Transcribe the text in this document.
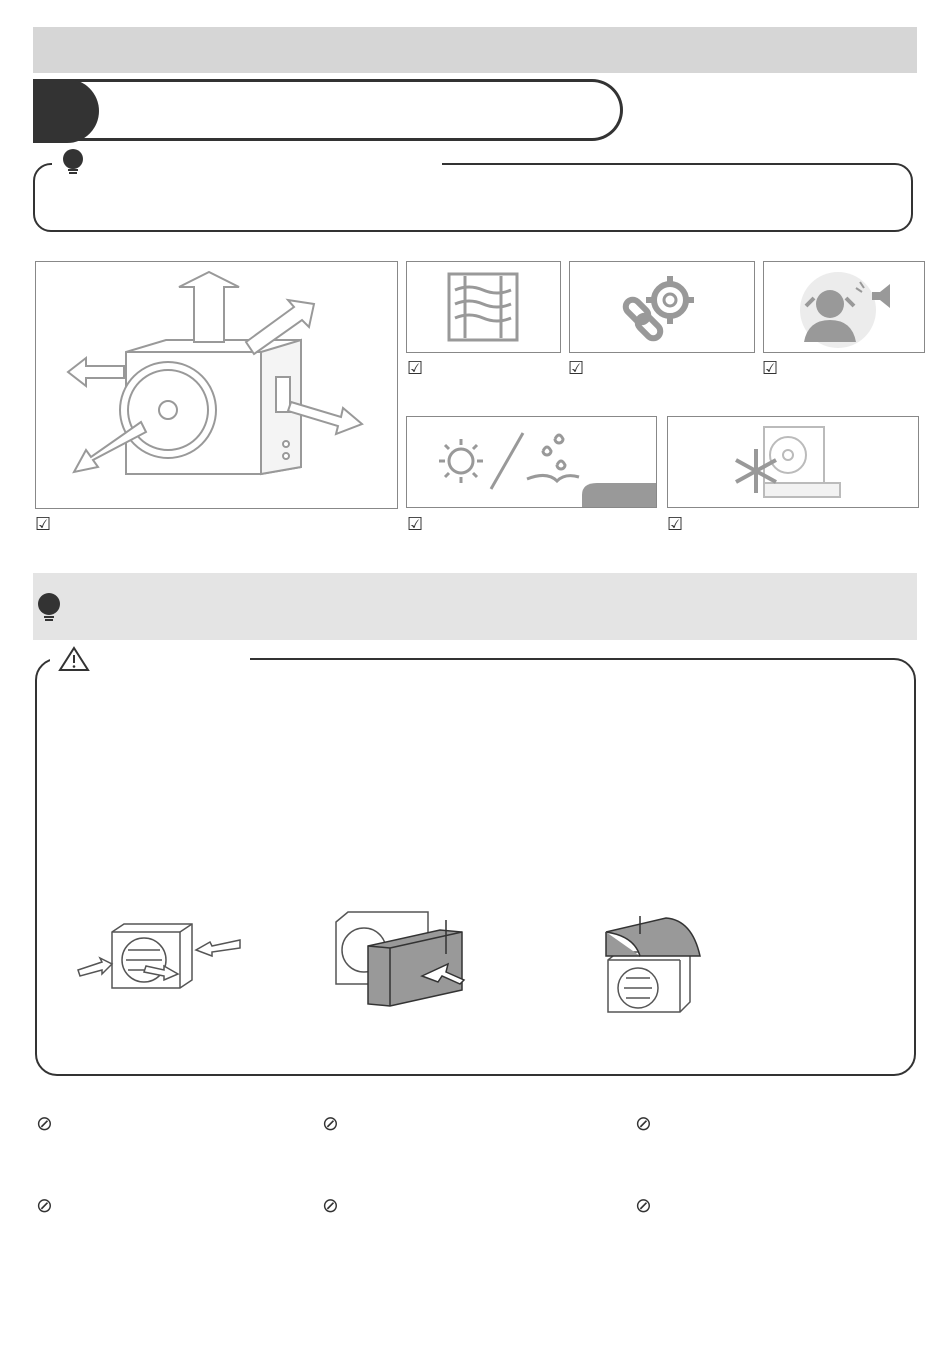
☑	☑	☑
☑	☑
☑
⊘	⊘	⊘
⊘	⊘	⊘
